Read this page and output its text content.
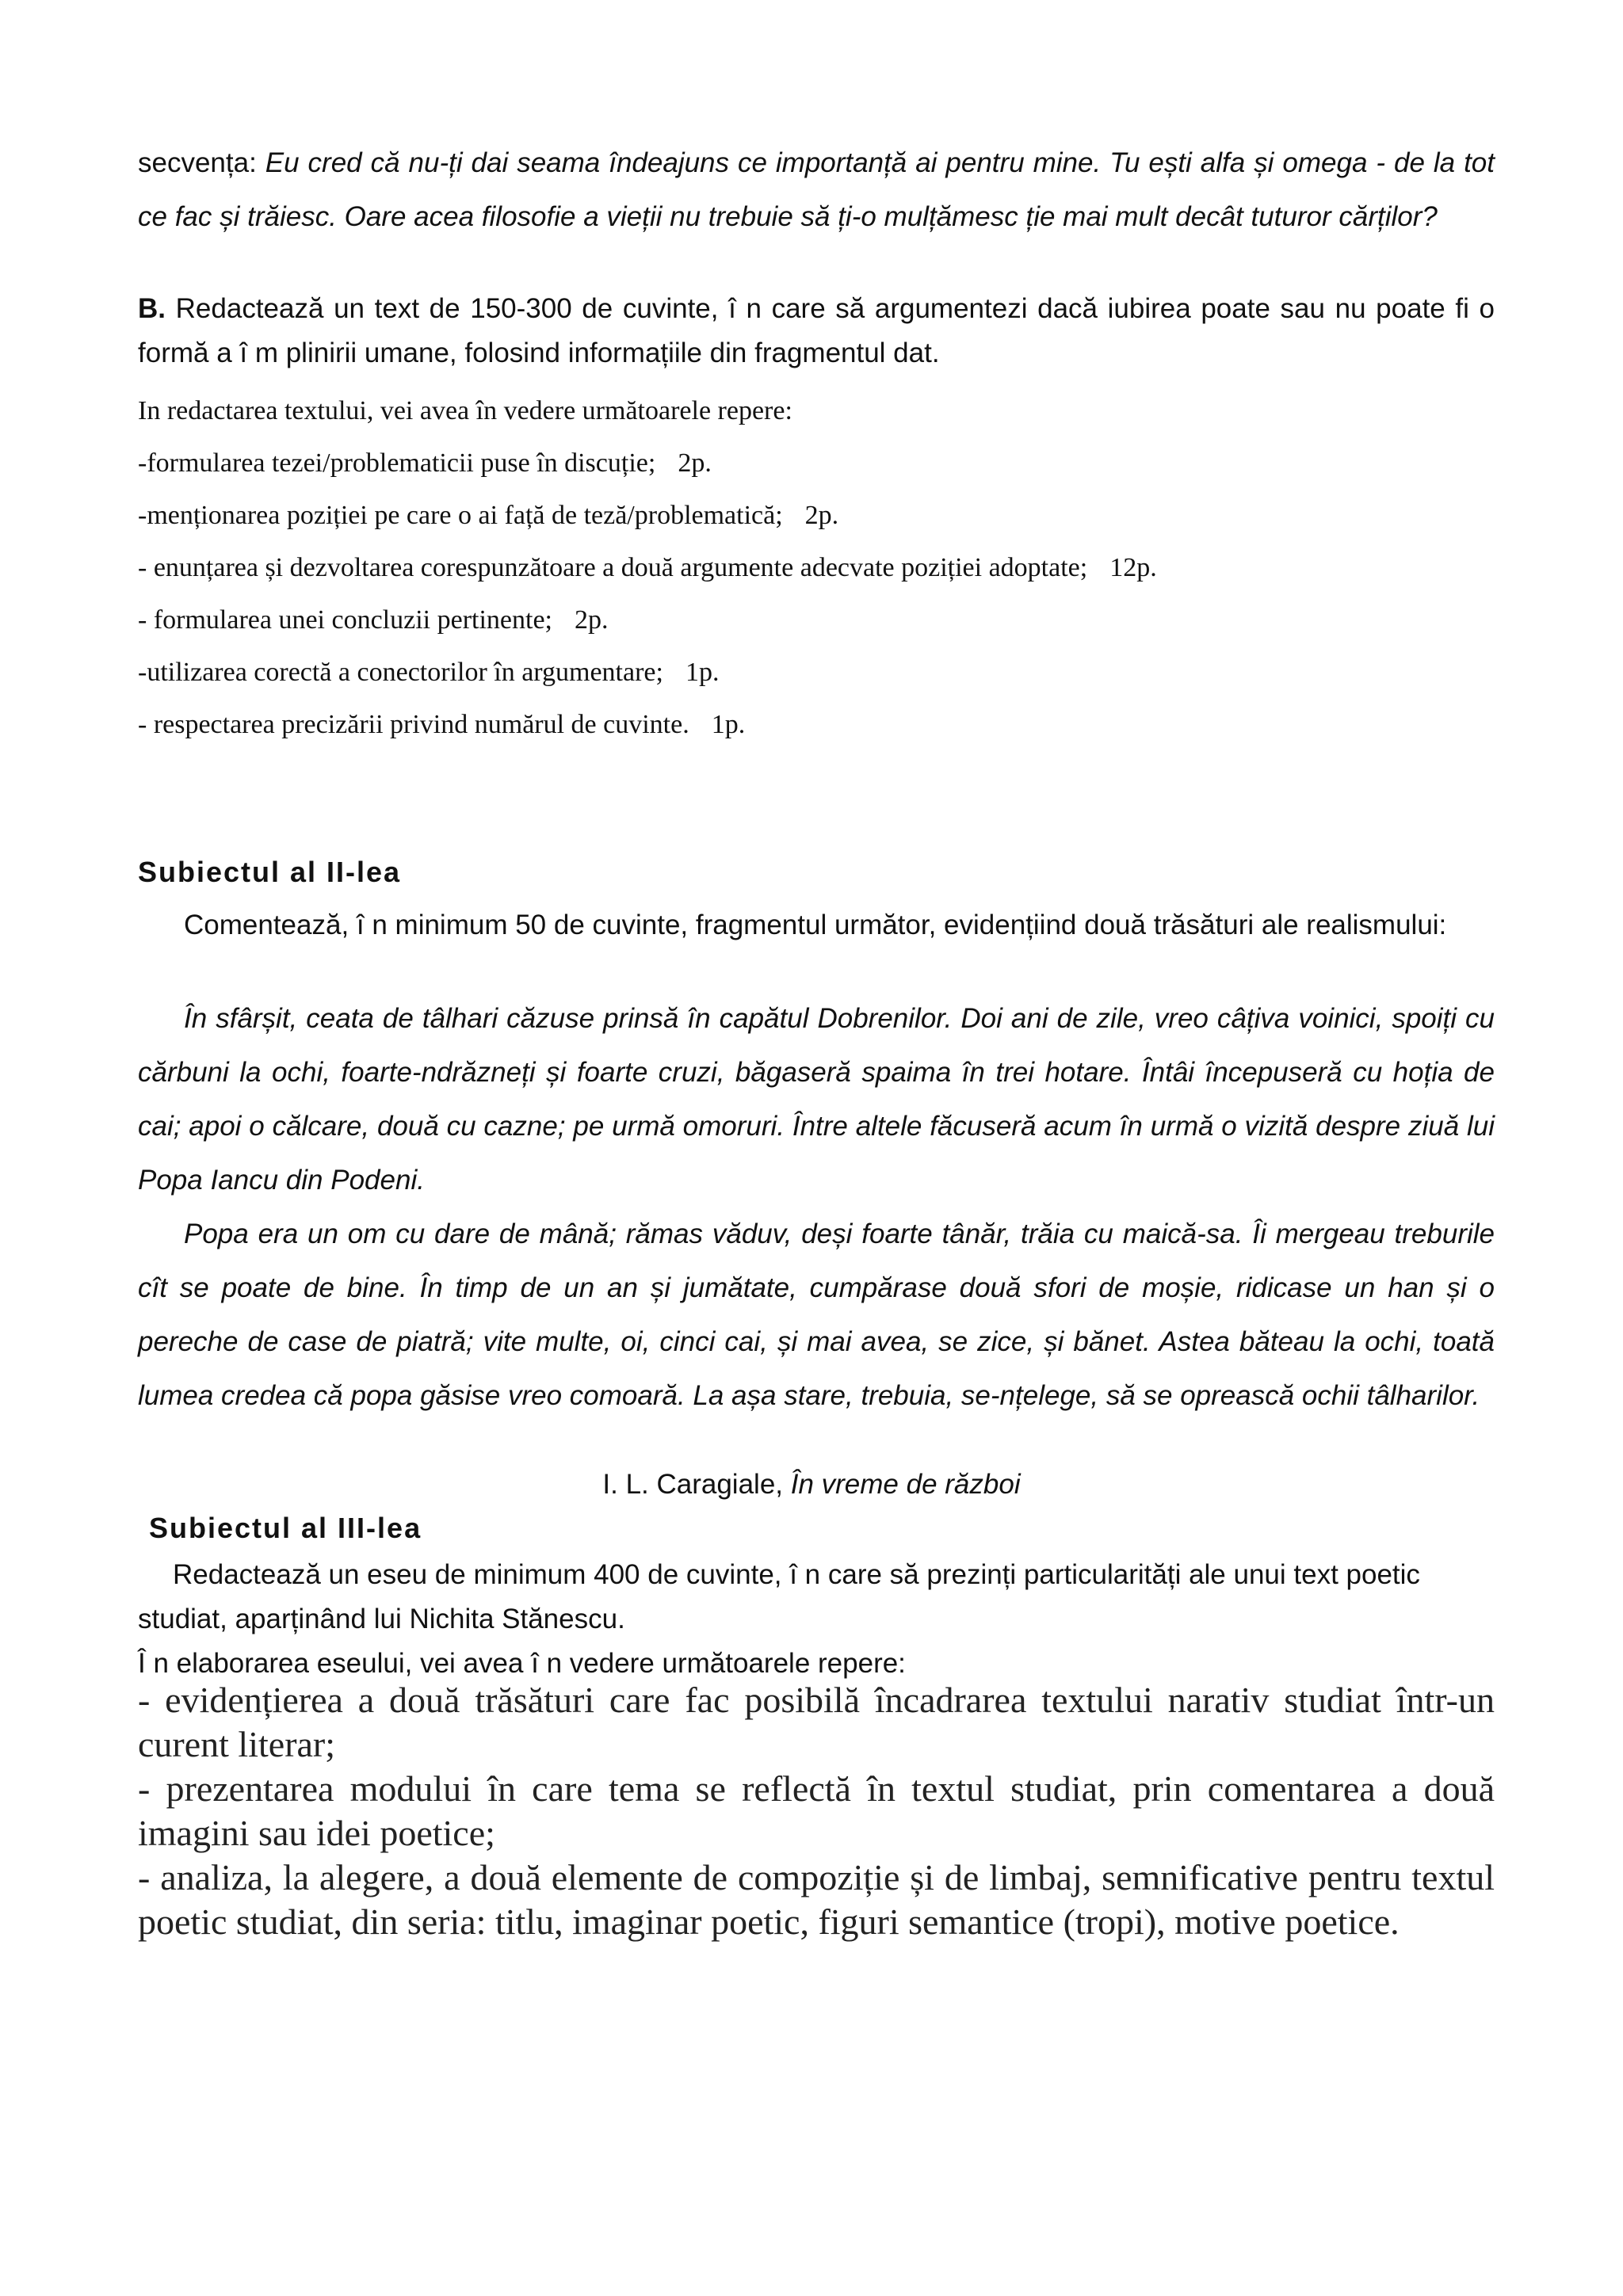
secvența: Eu cred că nu-ți dai seama îndeajuns ce importanță ai pentru mine. Tu ești alfa și omega - de la tot ce fac și trăiesc. Oare acea filosofie a vieții nu trebuie să ți-o mulțămesc ție mai mult decât tuturor cărților?
B. Redactează un text de 150-300 de cuvinte, î n care să argumentezi dacă iubirea poate sau nu poate fi o formă a î m plinirii umane, folosind informațiile din fragmentul dat.
In redactarea textului, vei avea în vedere următoarele repere:
-formularea tezei/problematicii puse în discuție; 2p.
-menționarea poziției pe care o ai față de teză/problematică; 2p.
- enunțarea și dezvoltarea corespunzătoare a două argumente adecvate poziției adoptate; 12p.
- formularea unei concluzii pertinente; 2p.
-utilizarea corectă a conectorilor în argumentare; 1p.
- respectarea precizării privind numărul de cuvinte. 1p.
Subiectul al II-lea
Comentează, î n minimum 50 de cuvinte, fragmentul următor, evidențiind două trăsături ale realismului:
În sfârșit, ceata de tâlhari căzuse prinsă în capătul Dobrenilor. Doi ani de zile, vreo câțiva voinici, spoiți cu cărbuni la ochi, foarte-ndrăzneți și foarte cruzi, băgaseră spaima în trei hotare. Întâi începuseră cu hoția de cai; apoi o călcare, două cu cazne; pe urmă omoruri. Între altele făcuseră acum în urmă o vizită despre ziuă lui Popa Iancu din Podeni.
Popa era un om cu dare de mână; rămas văduv, deși foarte tânăr, trăia cu maică-sa. Îi mergeau treburile cît se poate de bine. În timp de un an și jumătate, cumpărase două sfori de moșie, ridicase un han și o pereche de case de piatră; vite multe, oi, cinci cai, și mai avea, se zice, și bănet. Astea băteau la ochi, toată lumea credea că popa găsise vreo comoară. La așa stare, trebuia, se-nțelege, să se oprească ochii tâlharilor.
I. L. Caragiale, În vreme de război
Subiectul al III-lea
Redactează un eseu de minimum 400 de cuvinte, î n care să prezinți particularități ale unui text poetic studiat, aparținând lui Nichita Stănescu.
Î n elaborarea eseului, vei avea î n vedere următoarele repere:
- evidențierea a două trăsături care fac posibilă încadrarea textului narativ studiat într-un curent literar;
- prezentarea modului în care tema se reflectă în textul studiat, prin comentarea a două imagini sau idei poetice;
- analiza, la alegere, a două elemente de compoziție și de limbaj, semnificative pentru textul poetic studiat, din seria: titlu, imaginar poetic, figuri semantice (tropi), motive poetice.
